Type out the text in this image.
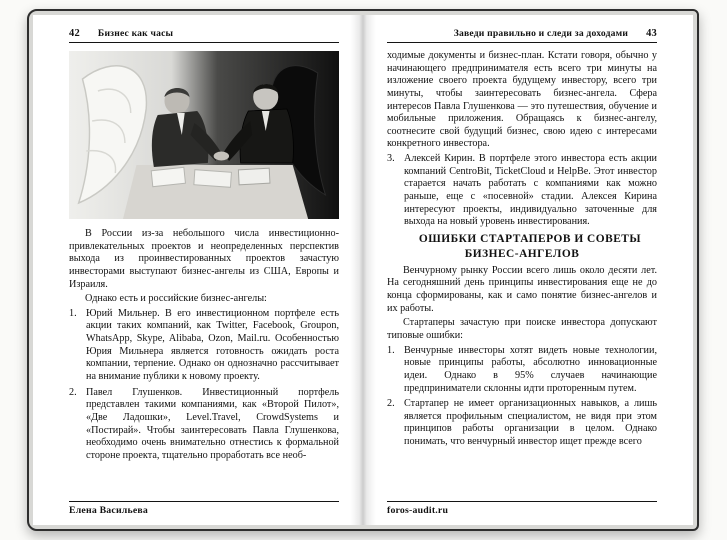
42 Бизнес как часы

В России из-за небольшого числа инвестиционно-привлекательных проектов и неопределенных перспектив выхода из проинвестированных проектов зачастую инвесторами выступают бизнес-ангелы из США, Европы и Израиля.

Однако есть и российские бизнес-ангелы:

1. Юрий Мильнер. В его инвестиционном портфеле есть акции таких компаний, как Twitter, Facebook, Groupon, WhatsApp, Skype, Alibaba, Ozon, Mail.ru. Особенностью Юрия Мильнера является готовность ожидать роста компании, терпение. Однако он однозначно рассчитывает на внимание публики к новому проекту.
2. Павел Глушенков. Инвестиционный портфель представлен такими компаниями, как «Второй Пилот», «Две Ладошки», Level.Travel, CrowdSystems и «Постирай». Чтобы заинтересовать Павла Глушенкова, необходимо очень внимательно отнестись к формальной стороне проекта, тщательно проработать все необ-
Елена Васильева
Заведи правильно и следи за доходами 43

ходимые документы и бизнес-план. Кстати говоря, обычно у начинающего предпринимателя есть всего три минуты на изложение своего проекта будущему инвестору, всего три минуты, чтобы заинтересовать бизнес-ангела. Сфера интересов Павла Глушенкова — это путешествия, обучение и мобильные приложения. Обращаясь к бизнес-ангелу, соотнесите свой будущий бизнес, свою идею с интересами конкретного инвестора.

3. Алексей Кирин. В портфеле этого инвестора есть акции компаний CentroBit, TicketCloud и HelpBe. Этот инвестор старается начать работать с компаниями как можно раньше, еще с «посевной» стадии. Алексея Кирина интересуют проекты, индивидуально заточенные для выхода на новый уровень инвестирования.

ОШИБКИ СТАРТАПЕРОВ И СОВЕТЫ БИЗНЕС-АНГЕЛОВ

Венчурному рынку России всего лишь около десяти лет. На сегодняшний день принципы инвестирования еще не до конца сформированы, как и само понятие бизнес-ангелов и их работы.

Стартаперы зачастую при поиске инвестора допускают типовые ошибки:

1. Венчурные инвесторы хотят видеть новые технологии, новые принципы работы, абсолютно инновационные идеи. Однако в 95% случаев начинающие предприниматели склонны идти проторенным путем.
2. Стартапер не имеет организационных навыков, а лишь является профильным специалистом, не видя при этом принципов работы организации в целом. Однако понимать, что венчурный инвестор ищет прежде всего
foros-audit.ru
